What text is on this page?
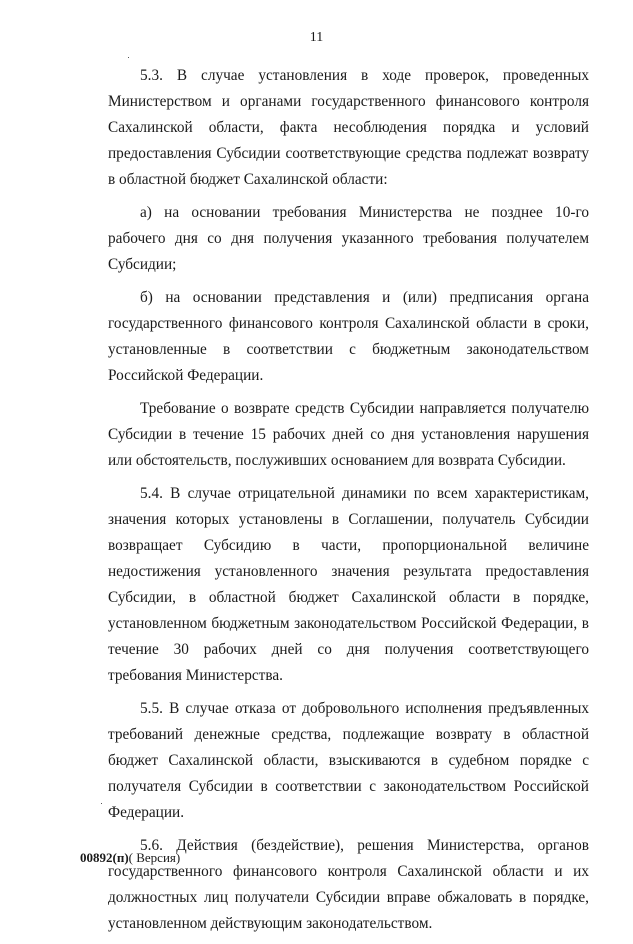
11

5.3. В случае установления в ходе проверок, проведенных Министерством и органами государственного финансового контроля Сахалинской области, факта несоблюдения порядка и условий предоставления Субсидии соответствующие средства подлежат возврату в областной бюджет Сахалинской области:

а) на основании требования Министерства не позднее 10-го рабочего дня со дня получения указанного требования получателем Субсидии;

б) на основании представления и (или) предписания органа государственного финансового контроля Сахалинской области в сроки, установленные в соответствии с бюджетным законодательством Российской Федерации.

Требование о возврате средств Субсидии направляется получателю Субсидии в течение 15 рабочих дней со дня установления нарушения или обстоятельств, послуживших основанием для возврата Субсидии.

5.4. В случае отрицательной динамики по всем характеристикам, значения которых установлены в Соглашении, получатель Субсидии возвращает Субсидию в части, пропорциональной величине недостижения установленного значения результата предоставления Субсидии, в областной бюджет Сахалинской области в порядке, установленном бюджетным законодательством Российской Федерации, в течение 30 рабочих дней со дня получения соответствующего требования Министерства.

5.5. В случае отказа от добровольного исполнения предъявленных требований денежные средства, подлежащие возврату в областной бюджет Сахалинской области, взыскиваются в судебном порядке с получателя Субсидии в соответствии с законодательством Российской Федерации.

5.6. Действия (бездействие), решения Министерства, органов государственного финансового контроля Сахалинской области и их должностных лиц получатели Субсидии вправе обжаловать в порядке, установленном действующим законодательством.

00892(п)( Версия)
